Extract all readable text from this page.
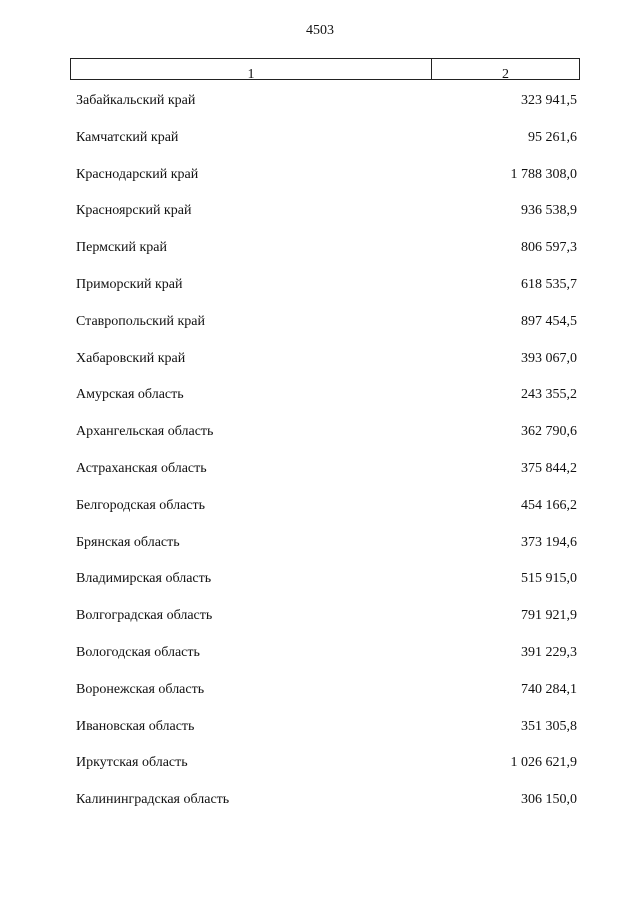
4503
1	2
Забайкальский край	323 941,5
Камчатский край	95 261,6
Краснодарский край	1 788 308,0
Красноярский край	936 538,9
Пермский край	806 597,3
Приморский край	618 535,7
Ставропольский край	897 454,5
Хабаровский край	393 067,0
Амурская область	243 355,2
Архангельская область	362 790,6
Астраханская область	375 844,2
Белгородская область	454 166,2
Брянская область	373 194,6
Владимирская область	515 915,0
Волгоградская область	791 921,9
Вологодская область	391 229,3
Воронежская область	740 284,1
Ивановская область	351 305,8
Иркутская область	1 026 621,9
Калининградская область	306 150,0
